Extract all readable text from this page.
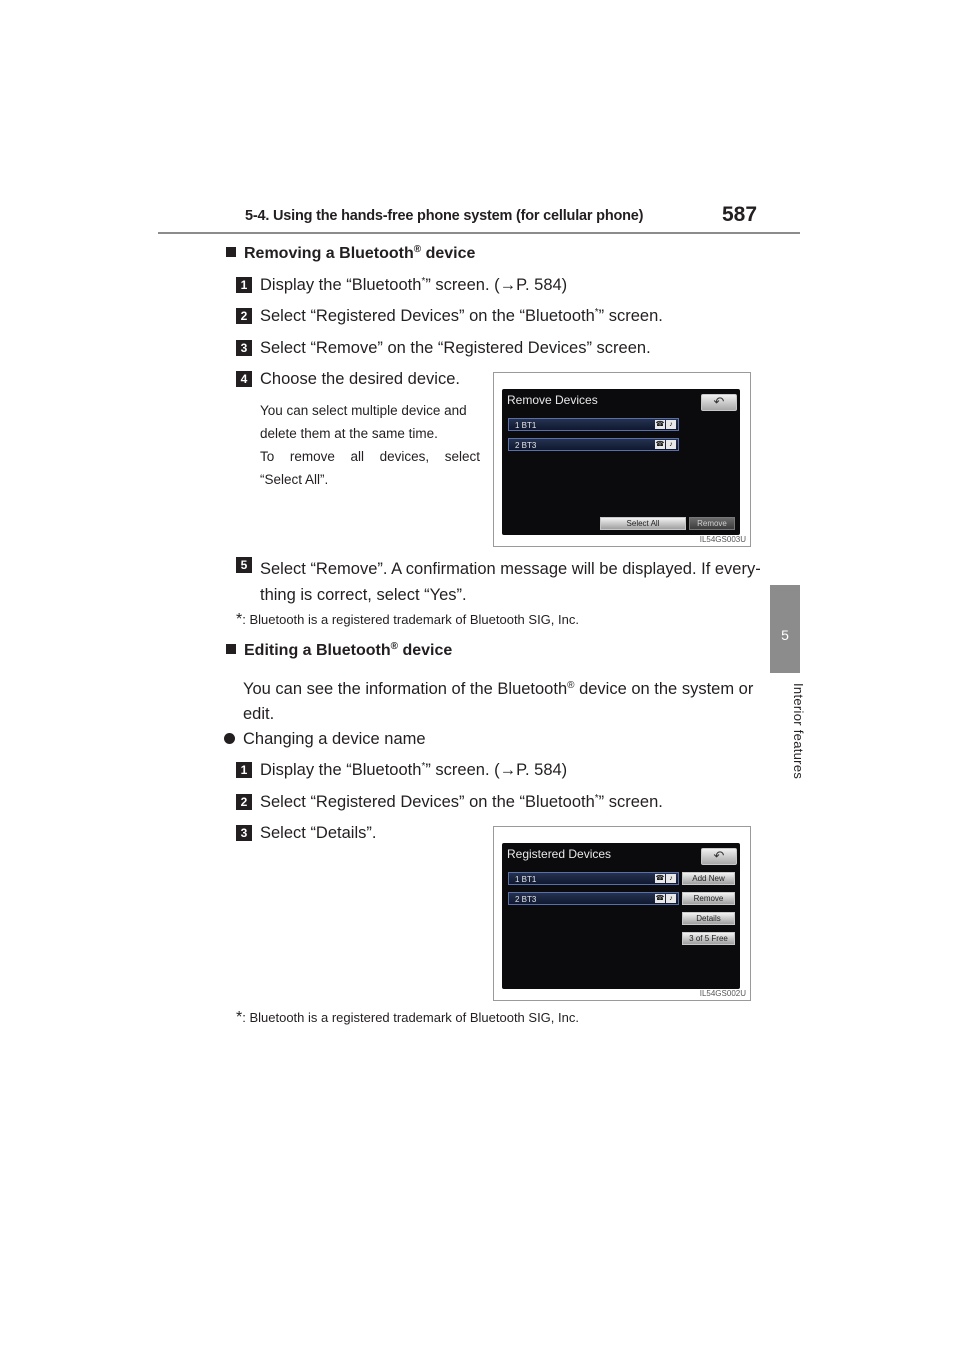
5-4. Using the hands-free phone system (for cellular phone)	587
5
Interior features
Removing a Bluetooth® device
1 Display the “Bluetooth*” screen. (→P. 584)
2 Select “Registered Devices” on the “Bluetooth*” screen.
3 Select “Remove” on the “Registered Devices” screen.
4 Choose the desired device.
You can select multiple device and
delete them at the same time.
To remove all devices, select
“Select All”.
Remove Devices	↶
1 BT1	☎ ♪
2 BT3	☎ ♪
Select All	Remove
IL54GS003U
5 Select “Remove”. A confirmation message will be displayed. If every-
thing is correct, select “Yes”.
*: Bluetooth is a registered trademark of Bluetooth SIG, Inc.
Editing a Bluetooth® device
You can see the information of the Bluetooth® device on the system or
edit.
Changing a device name
1 Display the “Bluetooth*” screen. (→P. 584)
2 Select “Registered Devices” on the “Bluetooth*” screen.
3 Select “Details”.
Registered Devices	↶
1 BT1	☎ ♪
2 BT3	☎ ♪
Add New
Remove
Details
3 of 5 Free
IL54GS002U
*: Bluetooth is a registered trademark of Bluetooth SIG, Inc.
